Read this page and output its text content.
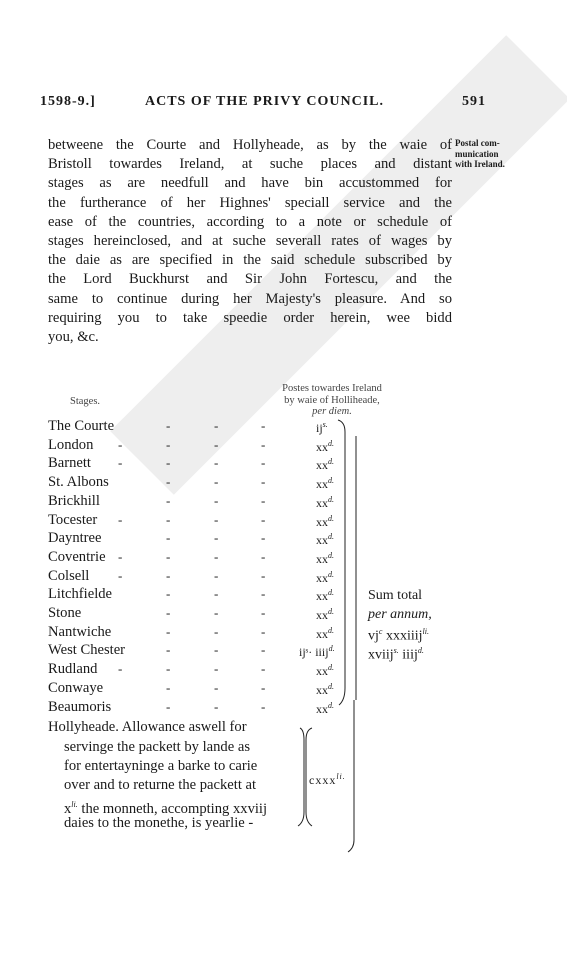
1598-9.]	ACTS OF THE PRIVY COUNCIL.	591
Postal com-
munication
with Ireland.
betweene the Courte and Hollyheade, as by the waie of
Bristoll towardes Ireland, at suche places and distant
stages as are needfull and have bin accustommed for
the furtherance of her Highnes' speciall service and the
ease of the countries, according to a note or schedule of
stages hereinclosed, and at suche severall rates of wages by
the daie as are specified in the said schedule subscribed by
the Lord Buckhurst and Sir John Fortescu, and the
same to continue during her Majesty's pleasure. And so
requiring you to take speedie order herein, wee bidd
you, &c.
Stages.
Postes towardes Ireland
by waie of Holliheade,
per diem.
The Courte	-	-	-	$ij^{s.}$
London -	-	-	-	$xx^{d.}$
Barnett -	-	-	-	$xx^{d.}$
St. Albons	-	-	-	$xx^{d.}$
Brickhill	-	-	-	$xx^{d.}$
Tocester -	-	-	-	$xx^{d.}$
Dayntree	-	-	-	$xx^{d.}$
Coventrie -	-	-	-	$xx^{d.}$
Colsell -	-	-	-	$xx^{d.}$
Litchfielde	-	-	-	$xx^{d.}$
Stone	-	-	-	$xx^{d.}$
Nantwiche	-	-	-	$xx^{d.}$
West Chester	-	-	-	ijˢ· iiij$^{d.}$
Rudland -	-	-	-	$xx^{d.}$
Conwaye	-	-	-	$xx^{d.}$
Beaumoris	-	-	-	$xx^{d.}$
Sum total
per annum,
$vj^c$ xxxiiij$^{li.}$
xviij$^{s.}$ iiij$^{d.}$
Hollyheade. Allowance aswell for
servinge the packett by lande as
for entertayninge a barke to carie
over and to returne the packett at
$x^{li.}$ the monneth, accompting xxviij
daies to the monethe, is yearlie -
cxxx$^{li.}$
